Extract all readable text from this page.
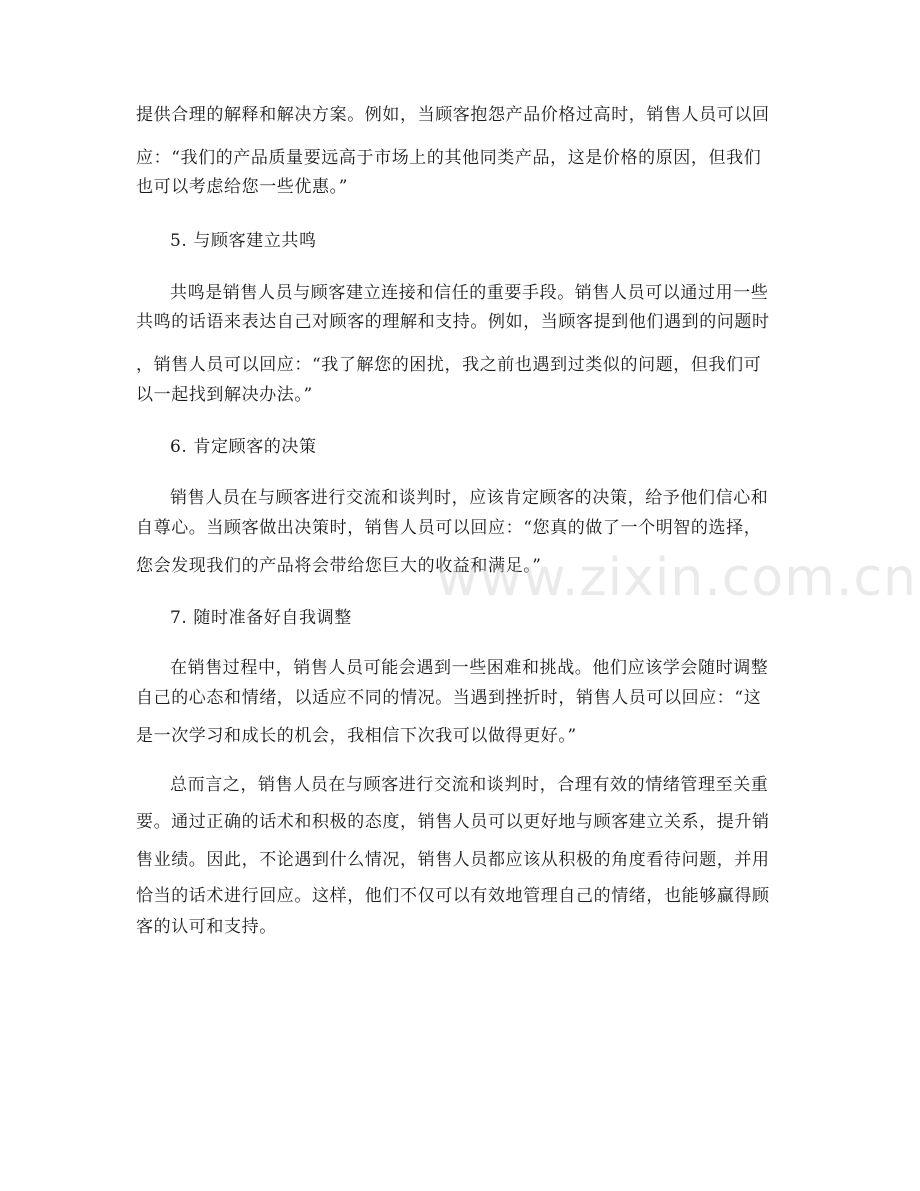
提供合理的解释和解决方案。例如，当顾客抱怨产品价格过高时，销售人员可以回
应：“我们的产品质量要远高于市场上的其他同类产品，这是价格的原因，但我们
也可以考虑给您一些优惠。”
5. 与顾客建立共鸣
共鸣是销售人员与顾客建立连接和信任的重要手段。销售人员可以通过用一些
共鸣的话语来表达自己对顾客的理解和支持。例如，当顾客提到他们遇到的问题时
，销售人员可以回应：“我了解您的困扰，我之前也遇到过类似的问题，但我们可
以一起找到解决办法。”
6. 肯定顾客的决策
销售人员在与顾客进行交流和谈判时，应该肯定顾客的决策，给予他们信心和
自尊心。当顾客做出决策时，销售人员可以回应：“您真的做了一个明智的选择，
您会发现我们的产品将会带给您巨大的收益和满足。”
7. 随时准备好自我调整
在销售过程中，销售人员可能会遇到一些困难和挑战。他们应该学会随时调整
自己的心态和情绪，以适应不同的情况。当遇到挫折时，销售人员可以回应：“这
是一次学习和成长的机会，我相信下次我可以做得更好。”
总而言之，销售人员在与顾客进行交流和谈判时，合理有效的情绪管理至关重
要。通过正确的话术和积极的态度，销售人员可以更好地与顾客建立关系，提升销
售业绩。因此，不论遇到什么情况，销售人员都应该从积极的角度看待问题，并用
恰当的话术进行回应。这样，他们不仅可以有效地管理自己的情绪，也能够赢得顾
客的认可和支持。
www.zixin.com.cn
